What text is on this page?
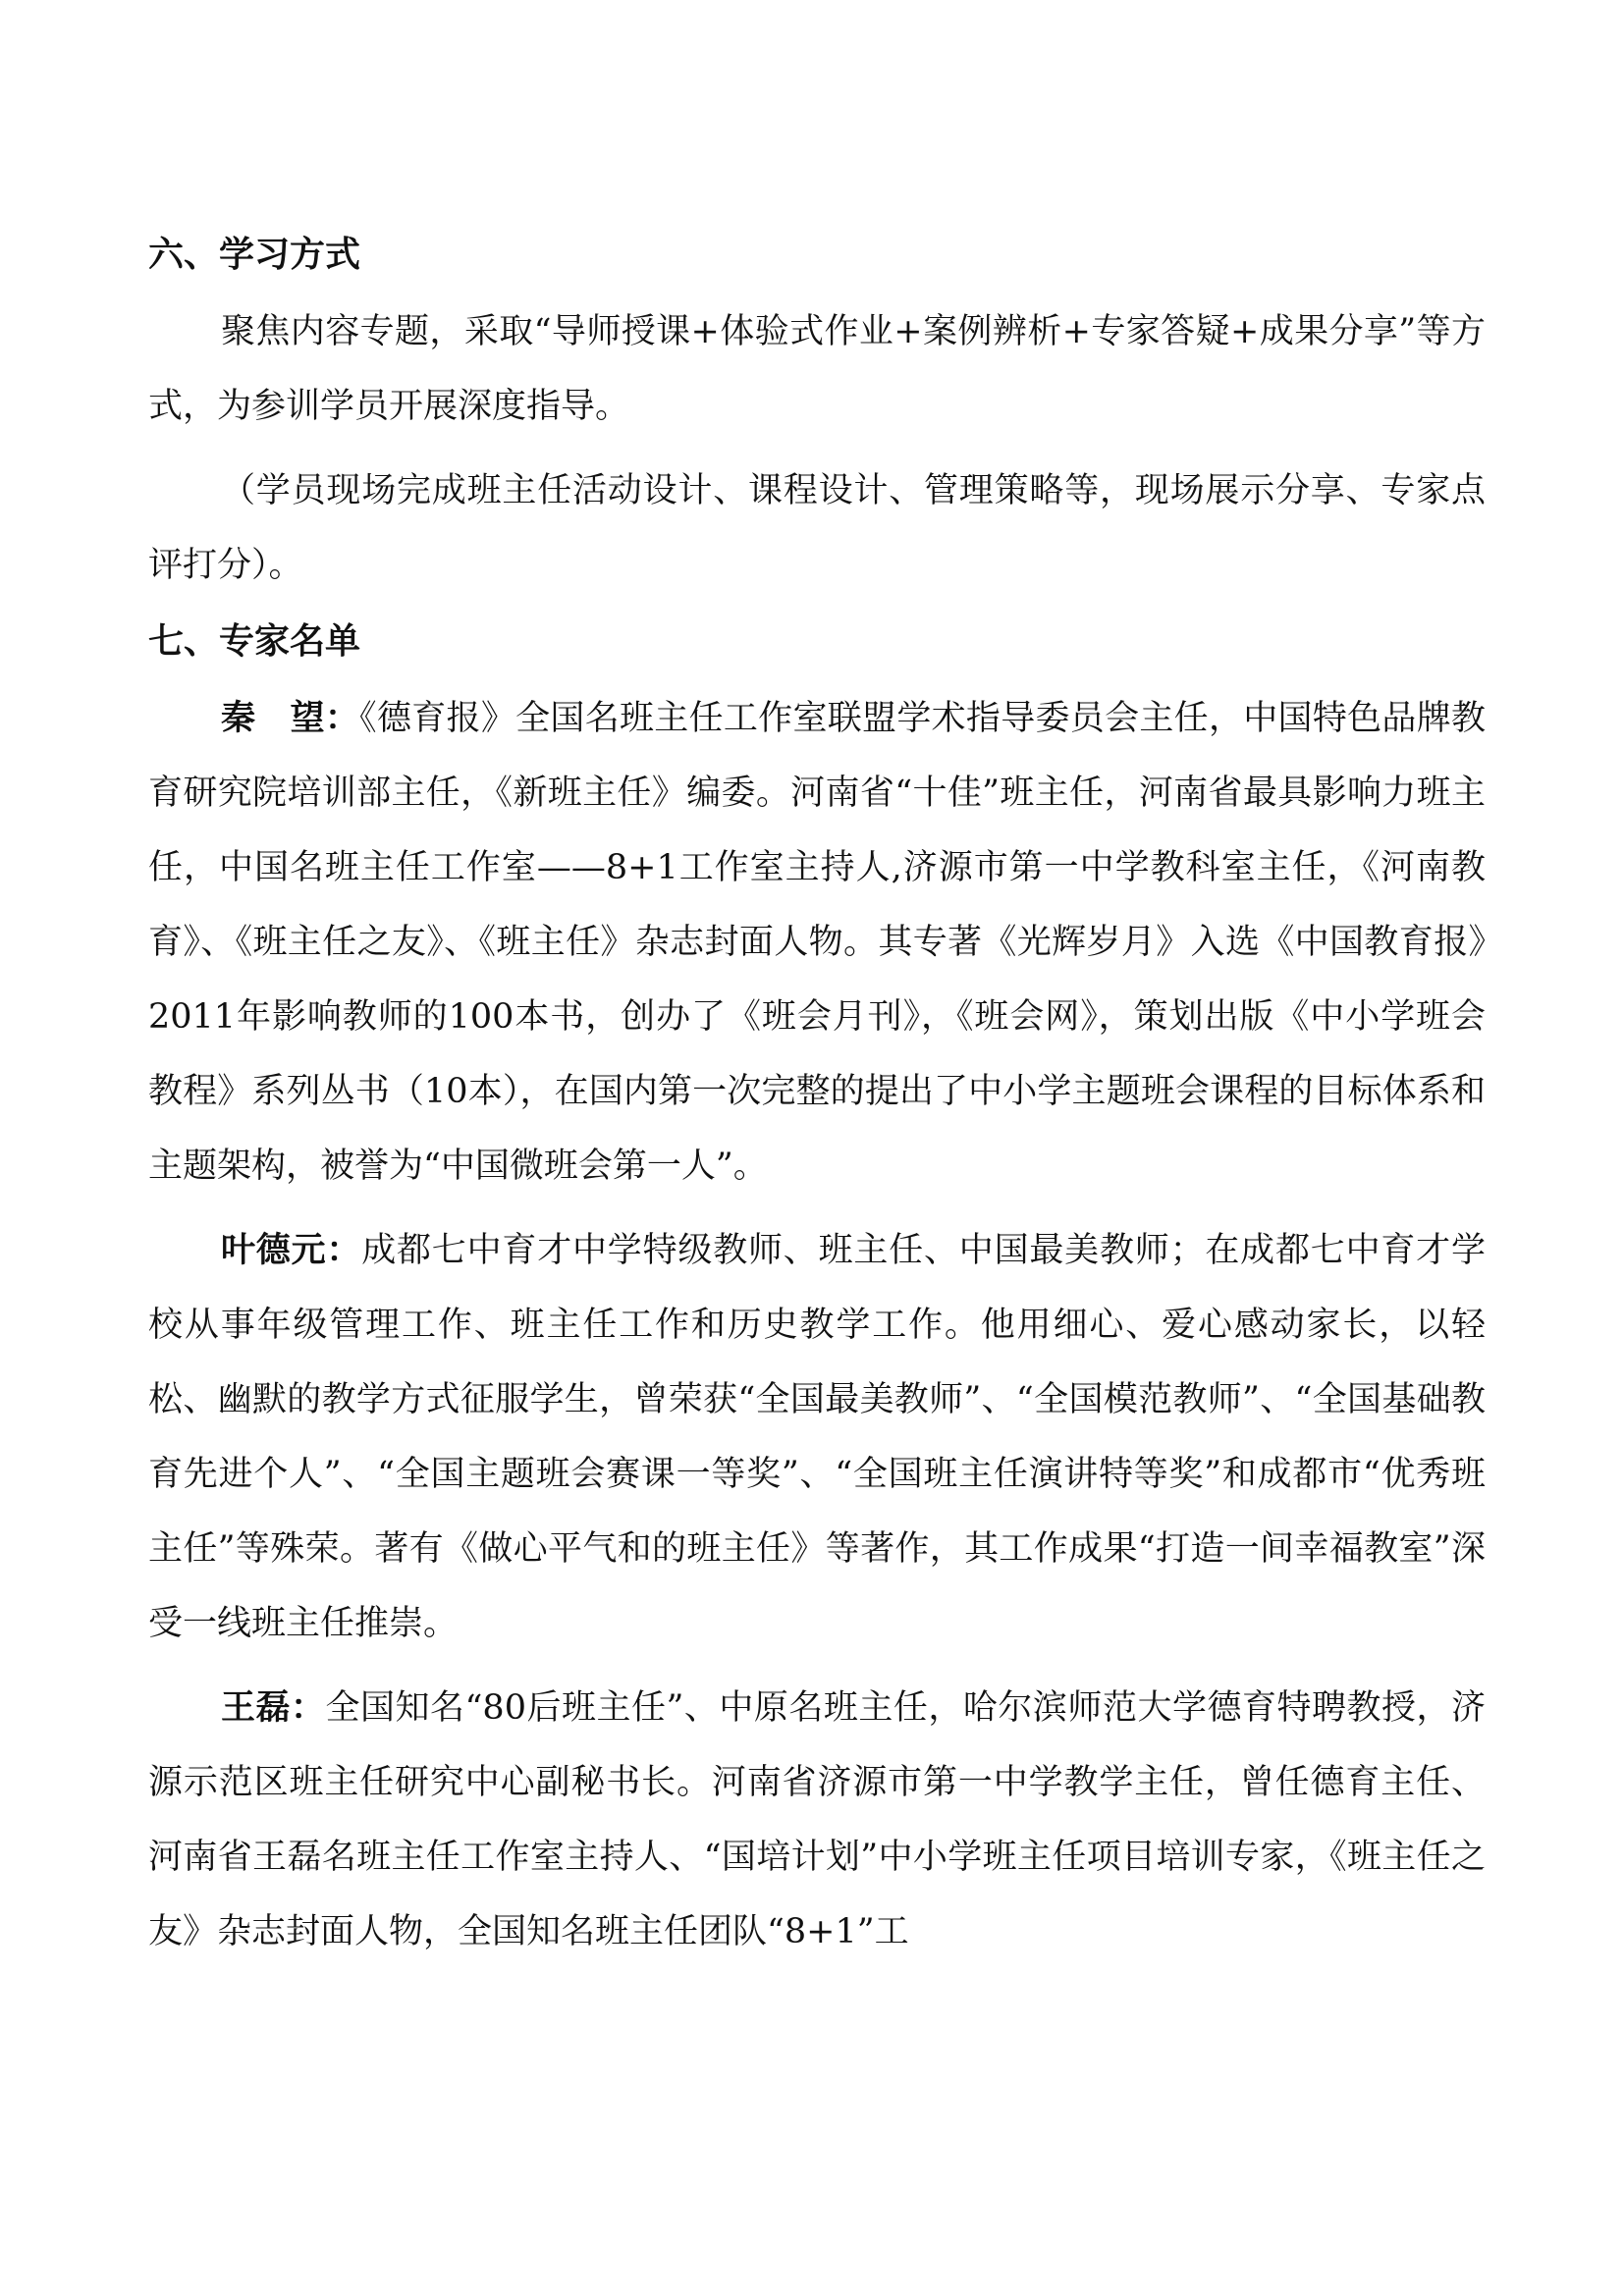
六、学习方式

聚焦内容专题，采取“导师授课+体验式作业+案例辨析+专家答疑+成果分享”等方式，为参训学员开展深度指导。

（学员现场完成班主任活动设计、课程设计、管理策略等，现场展示分享、专家点评打分）。

七、专家名单

秦　望：《德育报》全国名班主任工作室联盟学术指导委员会主任，中国特色品牌教育研究院培训部主任，《新班主任》编委。河南省“十佳”班主任，河南省最具影响力班主任，中国名班主任工作室——8+1工作室主持人,济源市第一中学教科室主任，《河南教育》、《班主任之友》、《班主任》杂志封面人物。其专著《光辉岁月》入选《中国教育报》2011年影响教师的100本书，创办了《班会月刊》，《班会网》，策划出版《中小学班会教程》系列丛书（10本），在国内第一次完整的提出了中小学主题班会课程的目标体系和主题架构，被誉为“中国微班会第一人”。

叶德元：成都七中育才中学特级教师、班主任、中国最美教师；在成都七中育才学校从事年级管理工作、班主任工作和历史教学工作。他用细心、爱心感动家长，以轻松、幽默的教学方式征服学生，曾荣获“全国最美教师”、“全国模范教师”、“全国基础教育先进个人”、“全国主题班会赛课一等奖”、“全国班主任演讲特等奖”和成都市“优秀班主任”等殊荣。著有《做心平气和的班主任》等著作，其工作成果“打造一间幸福教室”深受一线班主任推崇。

王磊：全国知名“80后班主任”、中原名班主任，哈尔滨师范大学德育特聘教授，济源示范区班主任研究中心副秘书长。河南省济源市第一中学教学主任，曾任德育主任、河南省王磊名班主任工作室主持人、“国培计划”中小学班主任项目培训专家，《班主任之友》杂志封面人物，全国知名班主任团队“8+1”工
